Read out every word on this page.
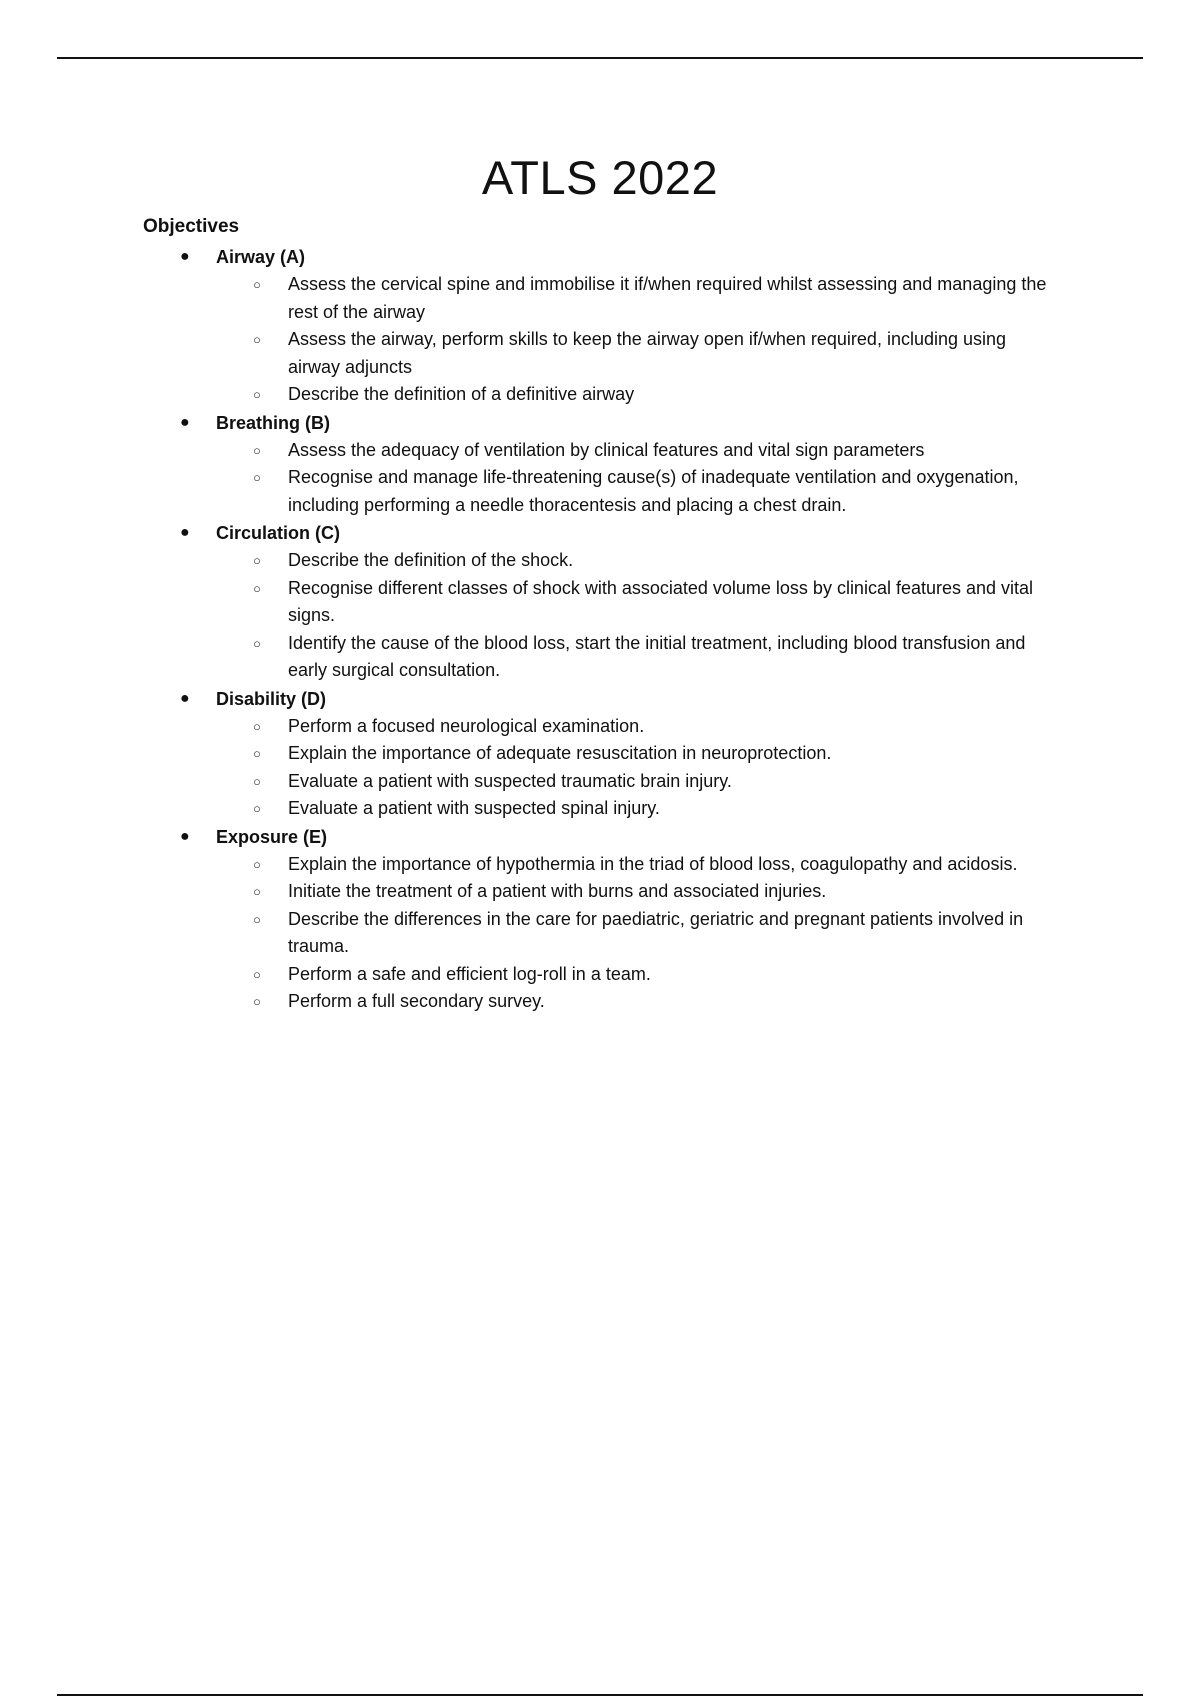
ATLS 2022
Objectives
● Airway (A)
○ Assess the cervical spine and immobilise it if/when required whilst assessing and managing the rest of the airway
○ Assess the airway, perform skills to keep the airway open if/when required, including using airway adjuncts
○ Describe the definition of a definitive airway
● Breathing (B)
○ Assess the adequacy of ventilation by clinical features and vital sign parameters
○ Recognise and manage life-threatening cause(s) of inadequate ventilation and oxygenation, including performing a needle thoracentesis and placing a chest drain.
● Circulation (C)
○ Describe the definition of the shock.
○ Recognise different classes of shock with associated volume loss by clinical features and vital signs.
○ Identify the cause of the blood loss, start the initial treatment, including blood transfusion and early surgical consultation.
● Disability (D)
○ Perform a focused neurological examination.
○ Explain the importance of adequate resuscitation in neuroprotection.
○ Evaluate a patient with suspected traumatic brain injury.
○ Evaluate a patient with suspected spinal injury.
● Exposure (E)
○ Explain the importance of hypothermia in the triad of blood loss, coagulopathy and acidosis.
○ Initiate the treatment of a patient with burns and associated injuries.
○ Describe the differences in the care for paediatric, geriatric and pregnant patients involved in trauma.
○ Perform a safe and efficient log-roll in a team.
○ Perform a full secondary survey.
